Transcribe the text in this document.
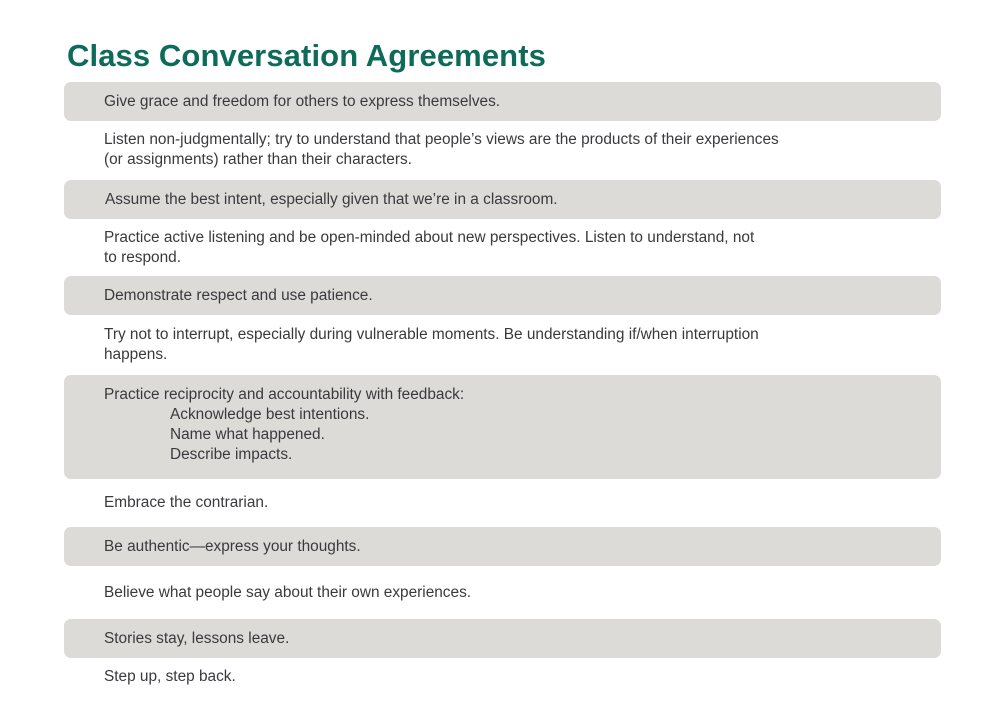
Class Conversation Agreements
Give grace and freedom for others to express themselves.
Listen non-judgmentally; try to understand that people’s views are the products of their experiences
(or assignments) rather than their characters.
Assume the best intent, especially given that we’re in a classroom.
Practice active listening and be open-minded about new perspectives. Listen to understand, not
to respond.
Demonstrate respect and use patience.
Try not to interrupt, especially during vulnerable moments. Be understanding if/when interruption
happens.
Practice reciprocity and accountability with feedback:
Acknowledge best intentions.
Name what happened.
Describe impacts.
Embrace the contrarian.
Be authentic—express your thoughts.
Believe what people say about their own experiences.
Stories stay, lessons leave.
Step up, step back.
